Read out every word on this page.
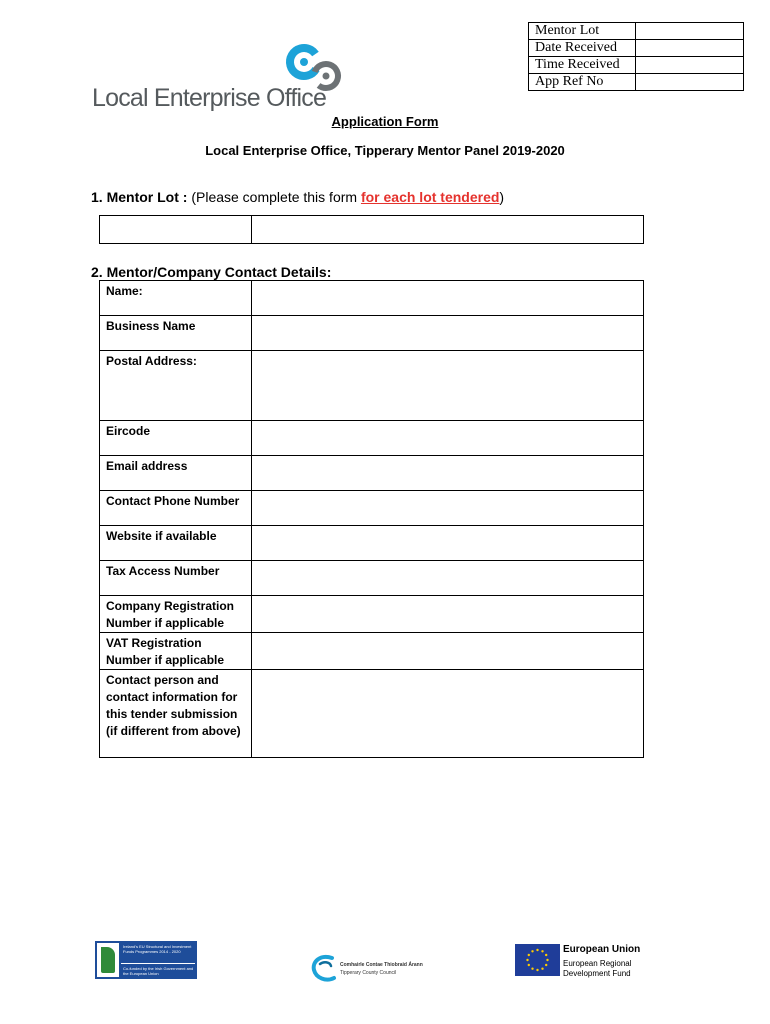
Mentor Lot	
Date Received	
Time Received	
App Ref No	
Local Enterprise Office
Application Form
Local Enterprise Office, Tipperary Mentor Panel 2019-2020
1. Mentor Lot : (Please complete this form for each lot tendered)

2. Mentor/Company Contact Details:
Name:	
Business Name	
Postal Address:	
Eircode	
Email address	
Contact Phone Number	
Website if available	
Tax Access Number	
Company Registration Number if applicable	
VAT Registration Number if applicable	
Contact person and contact information for this tender submission (if different from above)	
Ireland's EU Structural and Investment Funds Programmes 2014 - 2020
Co-funded by the Irish Government and the European Union
Comhairle Contae Thiobraid Árann
Tipperary County Council
European Union
European Regional
Development Fund
